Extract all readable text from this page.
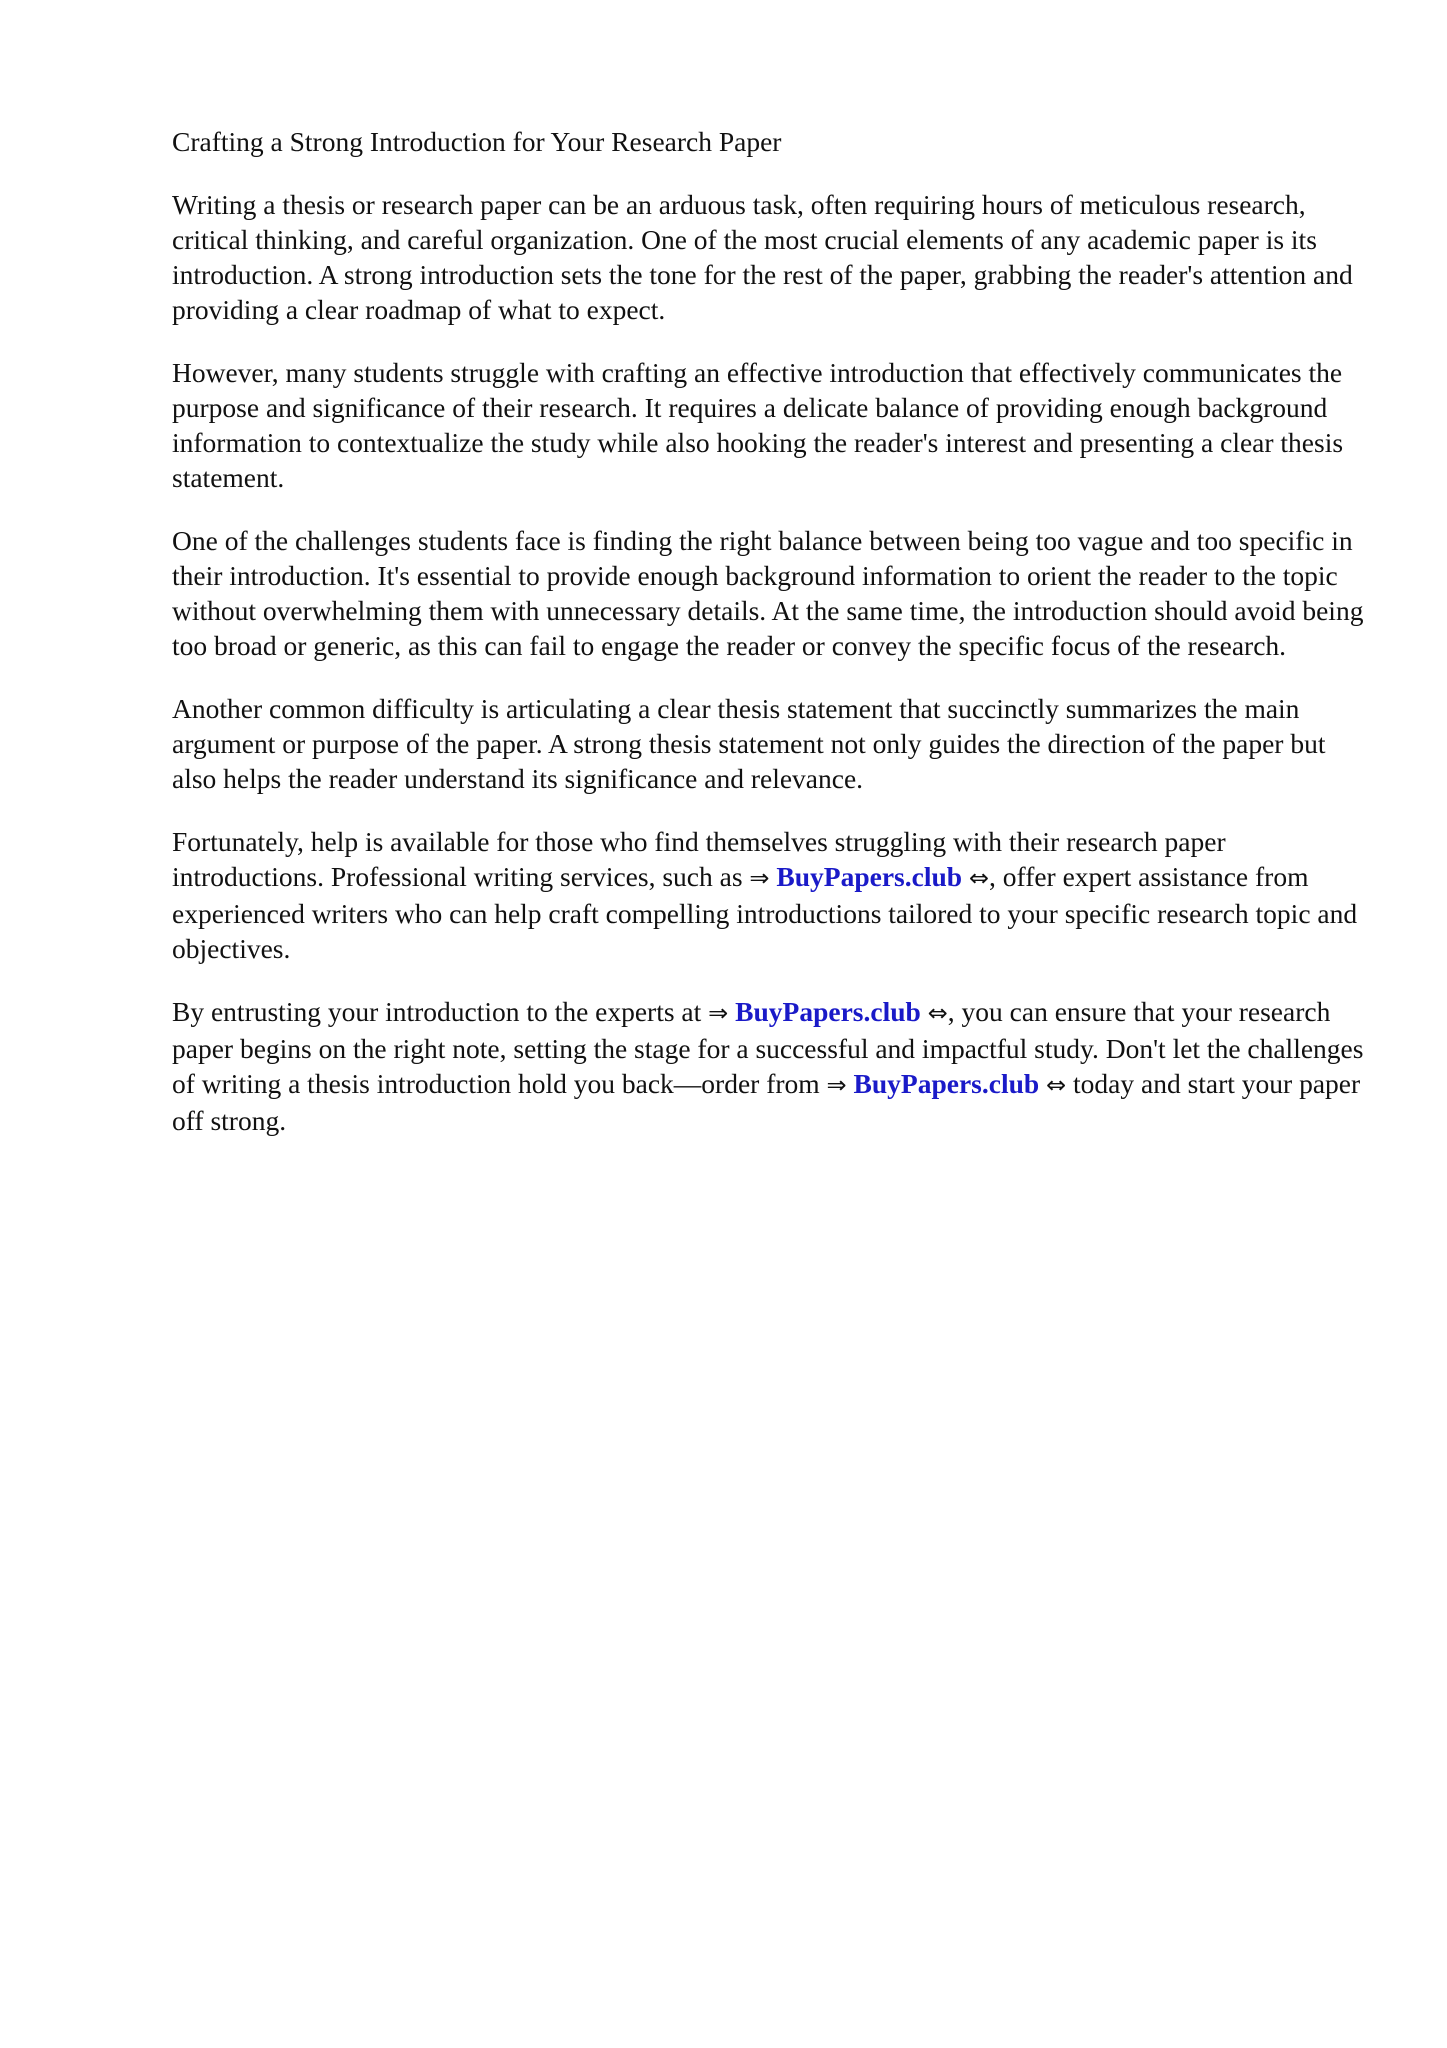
Crafting a Strong Introduction for Your Research Paper

Writing a thesis or research paper can be an arduous task, often requiring hours of meticulous research, critical thinking, and careful organization. One of the most crucial elements of any academic paper is its introduction. A strong introduction sets the tone for the rest of the paper, grabbing the reader's attention and providing a clear roadmap of what to expect.

However, many students struggle with crafting an effective introduction that effectively communicates the purpose and significance of their research. It requires a delicate balance of providing enough background information to contextualize the study while also hooking the reader's interest and presenting a clear thesis statement.

One of the challenges students face is finding the right balance between being too vague and too specific in their introduction. It's essential to provide enough background information to orient the reader to the topic without overwhelming them with unnecessary details. At the same time, the introduction should avoid being too broad or generic, as this can fail to engage the reader or convey the specific focus of the research.

Another common difficulty is articulating a clear thesis statement that succinctly summarizes the main argument or purpose of the paper. A strong thesis statement not only guides the direction of the paper but also helps the reader understand its significance and relevance.

Fortunately, help is available for those who find themselves struggling with their research paper introductions. Professional writing services, such as ⇒ BuyPapers.club ⇔, offer expert assistance from experienced writers who can help craft compelling introductions tailored to your specific research topic and objectives.

By entrusting your introduction to the experts at ⇒ BuyPapers.club ⇔, you can ensure that your research paper begins on the right note, setting the stage for a successful and impactful study. Don't let the challenges of writing a thesis introduction hold you back—order from ⇒ BuyPapers.club ⇔ today and start your paper off strong.
